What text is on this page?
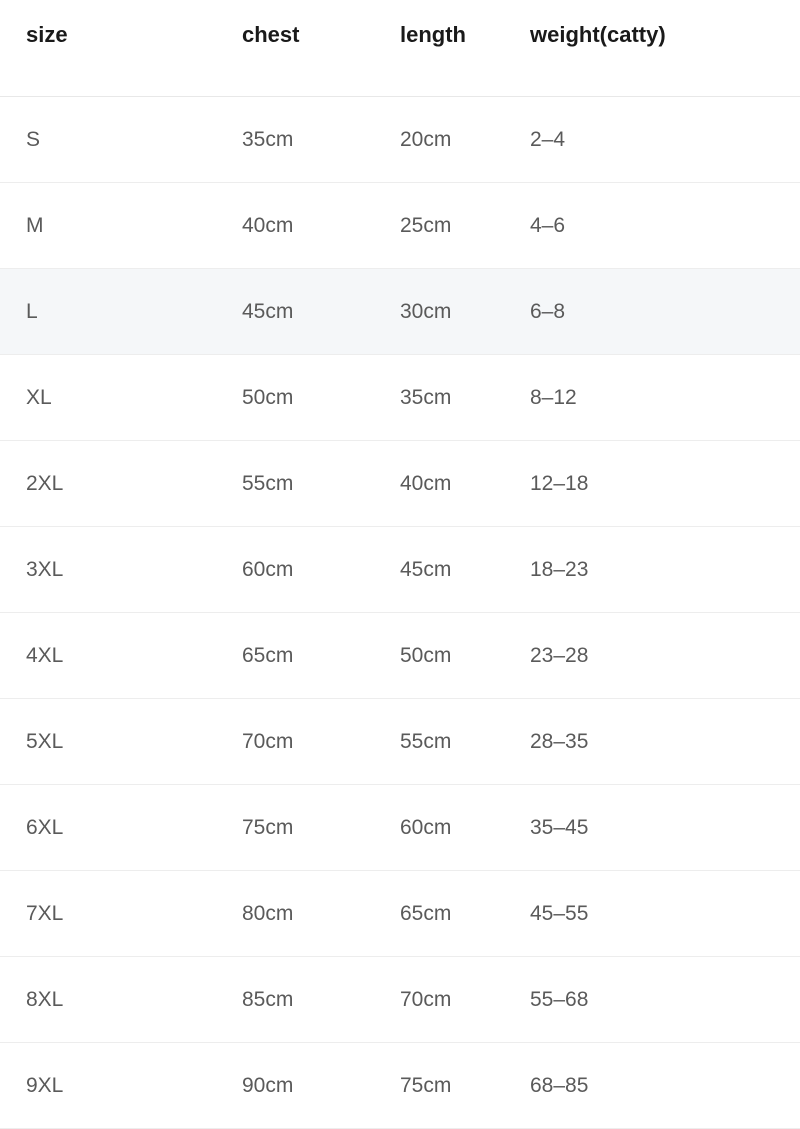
size	chest	length	weight(catty)
S	35cm	20cm	2–4
M	40cm	25cm	4–6
L	45cm	30cm	6–8
XL	50cm	35cm	8–12
2XL	55cm	40cm	12–18
3XL	60cm	45cm	18–23
4XL	65cm	50cm	23–28
5XL	70cm	55cm	28–35
6XL	75cm	60cm	35–45
7XL	80cm	65cm	45–55
8XL	85cm	70cm	55–68
9XL	90cm	75cm	68–85
